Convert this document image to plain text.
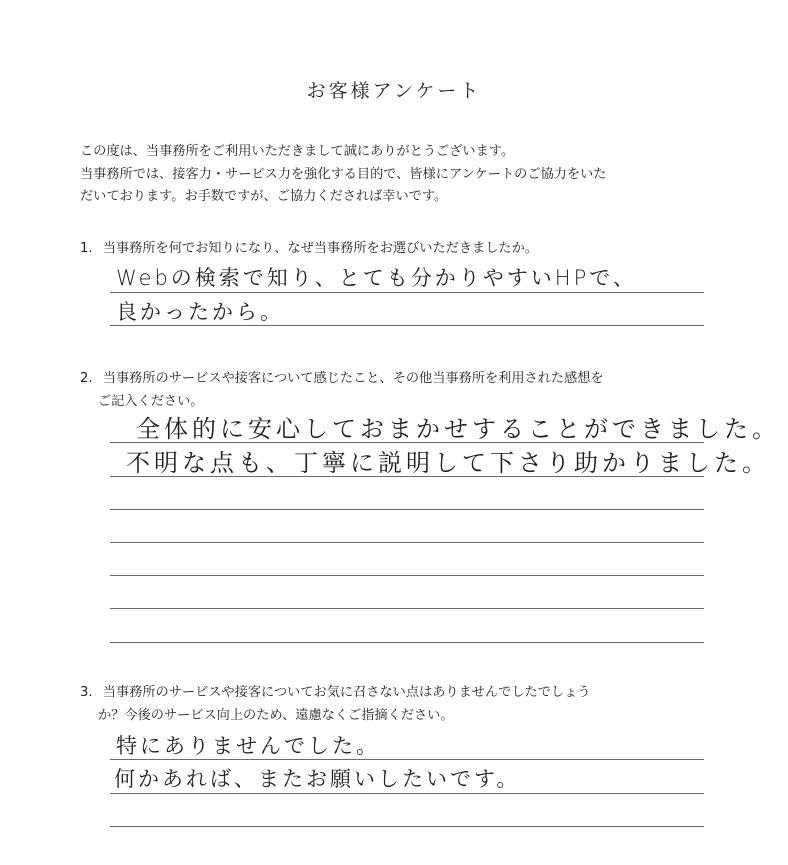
お客様アンケート
この度は、当事務所をご利用いただきまして誠にありがとうございます。
当事務所では、接客力・サービス力を強化する目的で、皆様にアンケートのご協力をいた
だいております。お手数ですが、ご協力くだされば幸いです。
1. 当事務所を何でお知りになり、なぜ当事務所をお選びいただきましたか。
Webの検索で知り、とても分かりやすいHPで、
良かったから。
2. 当事務所のサービスや接客について感じたこと、その他当事務所を利用された感想を
ご記入ください。
全体的に安心しておまかせすることができました。
不明な点も、丁寧に説明して下さり助かりました。
3. 当事務所のサービスや接客についてお気に召さない点はありませんでしたでしょう
か？今後のサービス向上のため、遠慮なくご指摘ください。
特にありませんでした。
何かあれば、またお願いしたいです。
